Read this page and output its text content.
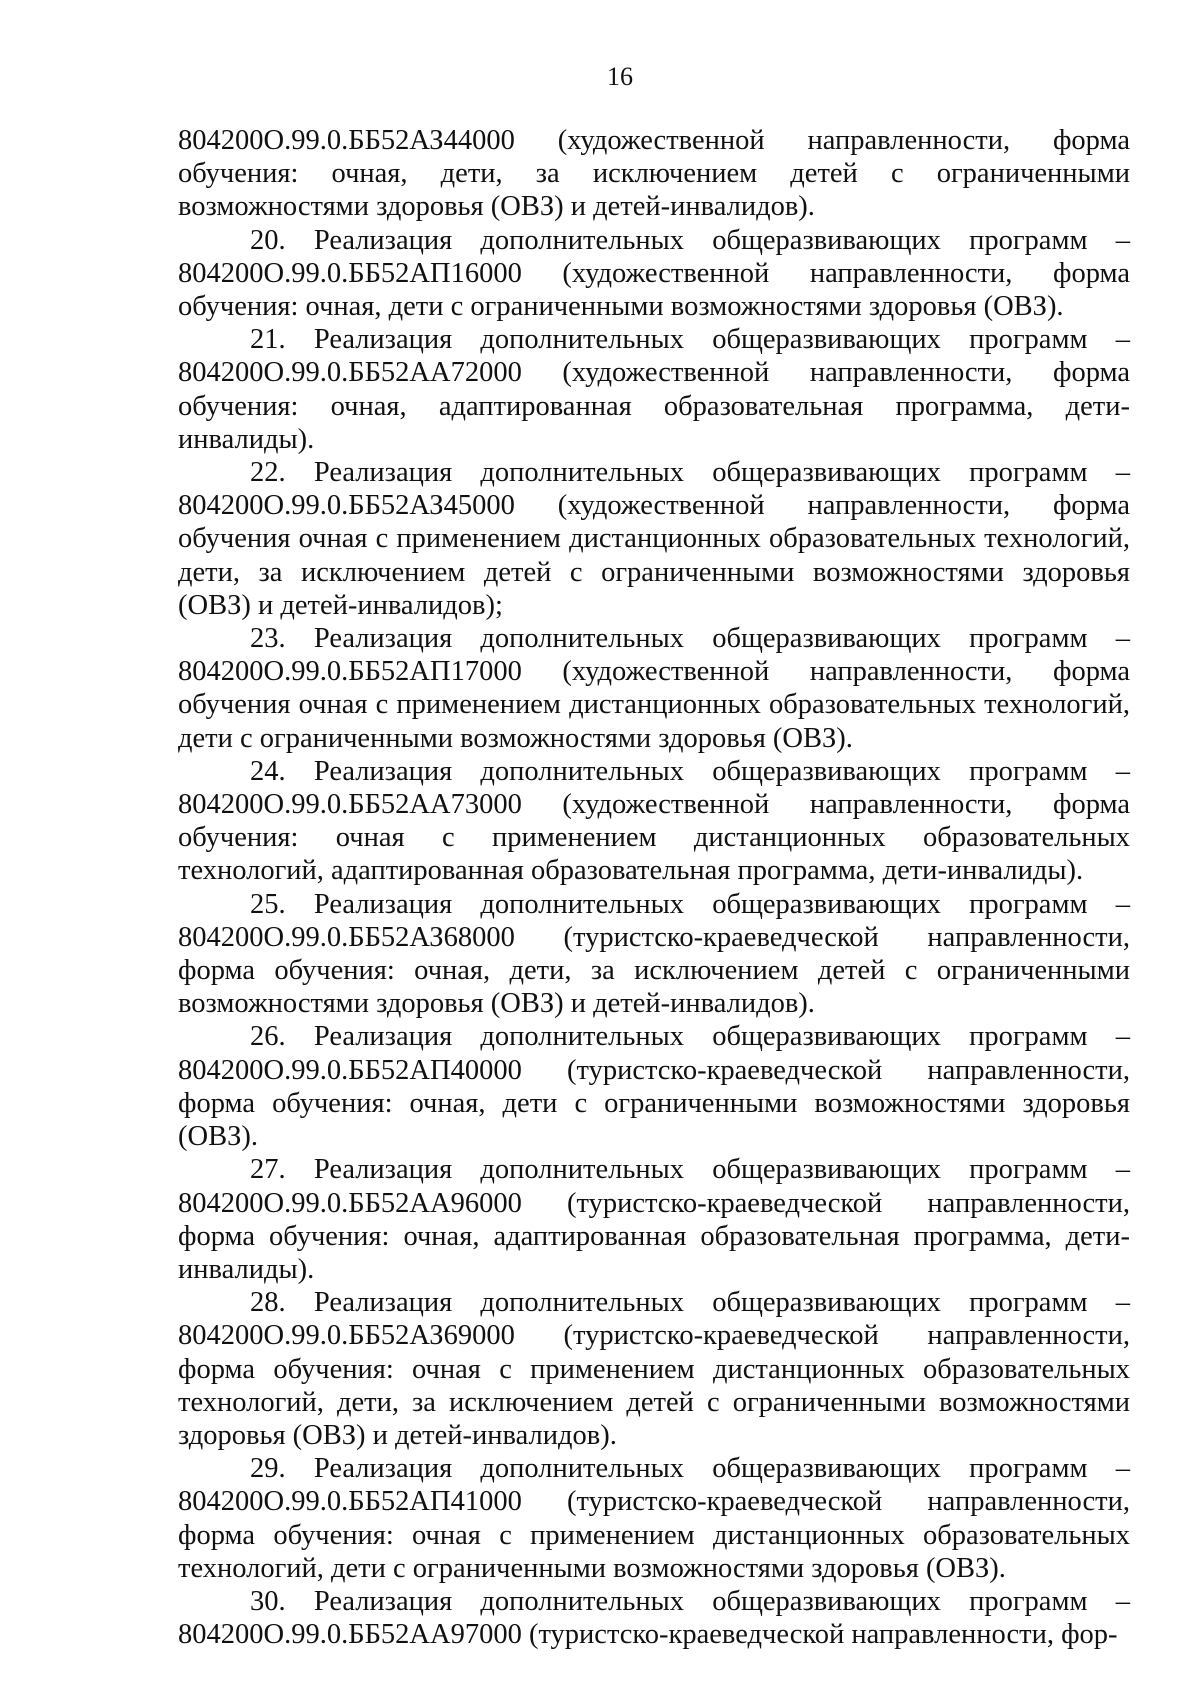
16

804200О.99.0.ББ52АЗ44000 (художественной направленности, форма обучения: очная, дети, за исключением детей с ограниченными возможностями здоровья (ОВЗ) и детей-инвалидов).

20. Реализация дополнительных общеразвивающих программ – 804200О.99.0.ББ52АП16000 (художественной направленности, форма обучения: очная, дети с ограниченными возможностями здоровья (ОВЗ).

21. Реализация дополнительных общеразвивающих программ – 804200О.99.0.ББ52АА72000 (художественной направленности, форма обучения: очная, адаптированная образовательная программа, дети-инвалиды).

22. Реализация дополнительных общеразвивающих программ – 804200О.99.0.ББ52АЗ45000 (художественной направленности, форма обучения очная с применением дистанционных образовательных технологий, дети, за исключением детей с ограниченными возможностями здоровья (ОВЗ) и детей-инвалидов);

23. Реализация дополнительных общеразвивающих программ – 804200О.99.0.ББ52АП17000 (художественной направленности, форма обучения очная с применением дистанционных образовательных технологий, дети с ограниченными возможностями здоровья (ОВЗ).

24. Реализация дополнительных общеразвивающих программ – 804200О.99.0.ББ52АА73000 (художественной направленности, форма обучения: очная с применением дистанционных образовательных технологий, адаптированная образовательная программа, дети-инвалиды).

25. Реализация дополнительных общеразвивающих программ – 804200О.99.0.ББ52АЗ68000 (туристско-краеведческой направленности, форма обучения: очная, дети, за исключением детей с ограниченными возможностями здоровья (ОВЗ) и детей-инвалидов).

26. Реализация дополнительных общеразвивающих программ – 804200О.99.0.ББ52АП40000 (туристско-краеведческой направленности, форма обучения: очная, дети с ограниченными возможностями здоровья (ОВЗ).

27. Реализация дополнительных общеразвивающих программ – 804200О.99.0.ББ52АА96000 (туристско-краеведческой направленности, форма обучения: очная, адаптированная образовательная программа, дети-инвалиды).

28. Реализация дополнительных общеразвивающих программ – 804200О.99.0.ББ52АЗ69000 (туристско-краеведческой направленности, форма обучения: очная с применением дистанционных образовательных технологий, дети, за исключением детей с ограниченными возможностями здоровья (ОВЗ) и детей-инвалидов).

29. Реализация дополнительных общеразвивающих программ – 804200О.99.0.ББ52АП41000 (туристско-краеведческой направленности, форма обучения: очная с применением дистанционных образовательных технологий, дети с ограниченными возможностями здоровья (ОВЗ).

30. Реализация дополнительных общеразвивающих программ – 804200О.99.0.ББ52АА97000 (туристско-краеведческой направленности, фор-
